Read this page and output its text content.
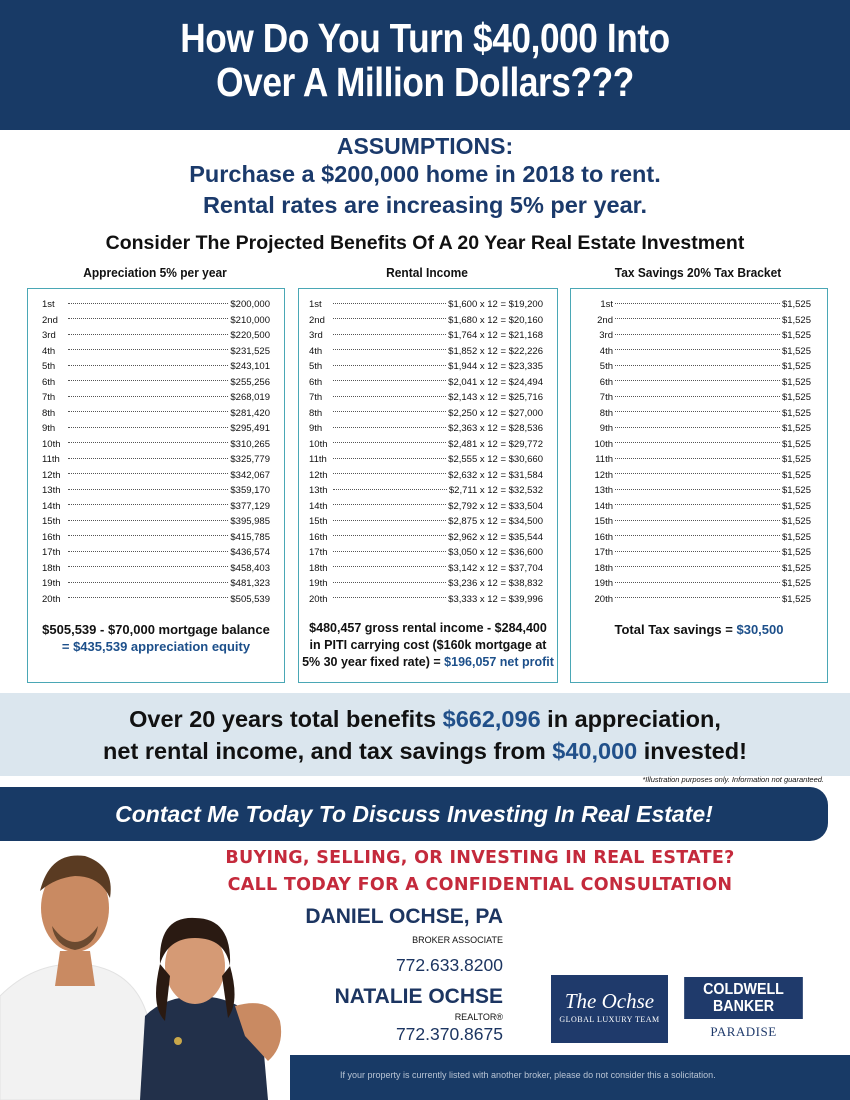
How Do You Turn $40,000 Into
Over A Million Dollars???
ASSUMPTIONS:
Purchase a $200,000 home in 2018 to rent.
Rental rates are increasing 5% per year.
Consider The Projected Benefits Of A 20 Year Real Estate Investment
Appreciation 5% per year	Rental Income	Tax Savings 20% Tax Bracket
1st	$200,000
2nd	$210,000
3rd	$220,500
4th	$231,525
5th	$243,101
6th	$255,256
7th	$268,019
8th	$281,420
9th	$295,491
10th	$310,265
11th	$325,779
12th	$342,067
13th	$359,170
14th	$377,129
15th	$395,985
16th	$415,785
17th	$436,574
18th	$458,403
19th	$481,323
20th	$505,539
$505,539 - $70,000 mortgage balance
= $435,539 appreciation equity
1st	$1,600 x 12 = $19,200
2nd	$1,680 x 12 = $20,160
3rd	$1,764 x 12 = $21,168
4th	$1,852 x 12 = $22,226
5th	$1,944 x 12 = $23,335
6th	$2,041 x 12 = $24,494
7th	$2,143 x 12 = $25,716
8th	$2,250 x 12 = $27,000
9th	$2,363 x 12 = $28,536
10th	$2,481 x 12 = $29,772
11th	$2,555 x 12 = $30,660
12th	$2,632 x 12 = $31,584
13th	$2,711 x 12 = $32,532
14th	$2,792 x 12 = $33,504
15th	$2,875 x 12 = $34,500
16th	$2,962 x 12 = $35,544
17th	$3,050 x 12 = $36,600
18th	$3,142 x 12 = $37,704
19th	$3,236 x 12 = $38,832
20th	$3,333 x 12 = $39,996
$480,457 gross rental income - $284,400
in PITI carrying cost ($160k mortgage at
5% 30 year fixed rate) = $196,057 net profit
1st	$1,525
2nd	$1,525
3rd	$1,525
4th	$1,525
5th	$1,525
6th	$1,525
7th	$1,525
8th	$1,525
9th	$1,525
10th	$1,525
11th	$1,525
12th	$1,525
13th	$1,525
14th	$1,525
15th	$1,525
16th	$1,525
17th	$1,525
18th	$1,525
19th	$1,525
20th	$1,525
Total Tax savings = $30,500
Over 20 years total benefits $662,096 in appreciation,
net rental income, and tax savings from $40,000 invested!
*Illustration purposes only. Information not guaranteed.
Contact Me Today To Discuss Investing In Real Estate!
BUYING, SELLING, OR INVESTING IN REAL ESTATE?
CALL TODAY FOR A CONFIDENTIAL CONSULTATION
DANIEL OCHSE, PA
BROKER ASSOCIATE
772.633.8200
NATALIE OCHSE
REALTOR®
772.370.8675
The Ochse
GLOBAL LUXURY TEAM
COLDWELL
BANKER
PARADISE
If your property is currently listed with another broker, please do not consider this a solicitation.
